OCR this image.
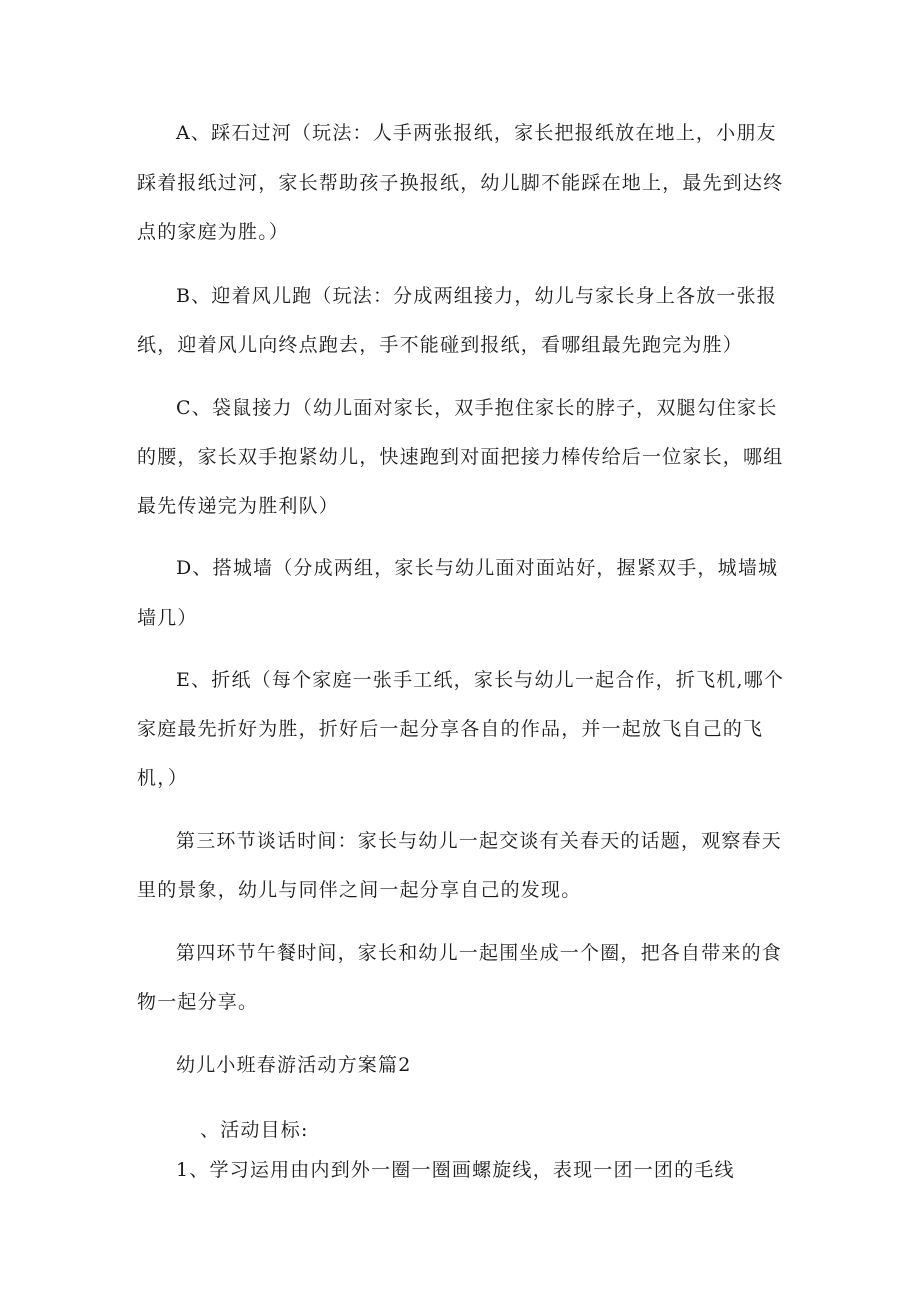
A、踩石过河（玩法：人手两张报纸，家长把报纸放在地上，小朋友
踩着报纸过河，家长帮助孩子换报纸，幼儿脚不能踩在地上，最先到达终
点的家庭为胜。）
B、迎着风儿跑（玩法：分成两组接力，幼儿与家长身上各放一张报
纸，迎着风儿向终点跑去，手不能碰到报纸，看哪组最先跑完为胜）
C、袋鼠接力（幼儿面对家长，双手抱住家长的脖子，双腿勾住家长
的腰，家长双手抱紧幼儿，快速跑到对面把接力棒传给后一位家长，哪组
最先传递完为胜利队）
D、搭城墙（分成两组，家长与幼儿面对面站好，握紧双手，城墙城
墙几）
E、折纸（每个家庭一张手工纸，家长与幼儿一起合作，折飞机,哪个
家庭最先折好为胜，折好后一起分享各自的作品，并一起放飞自己的飞
机，）
第三环节谈话时间：家长与幼儿一起交谈有关春天的话题，观察春天
里的景象，幼儿与同伴之间一起分享自己的发现。
第四环节午餐时间，家长和幼儿一起围坐成一个圈，把各自带来的食
物一起分享。
幼儿小班春游活动方案篇2
、活动目标:
1、学习运用由内到外一圈一圈画螺旋线，表现一团一团的毛线
